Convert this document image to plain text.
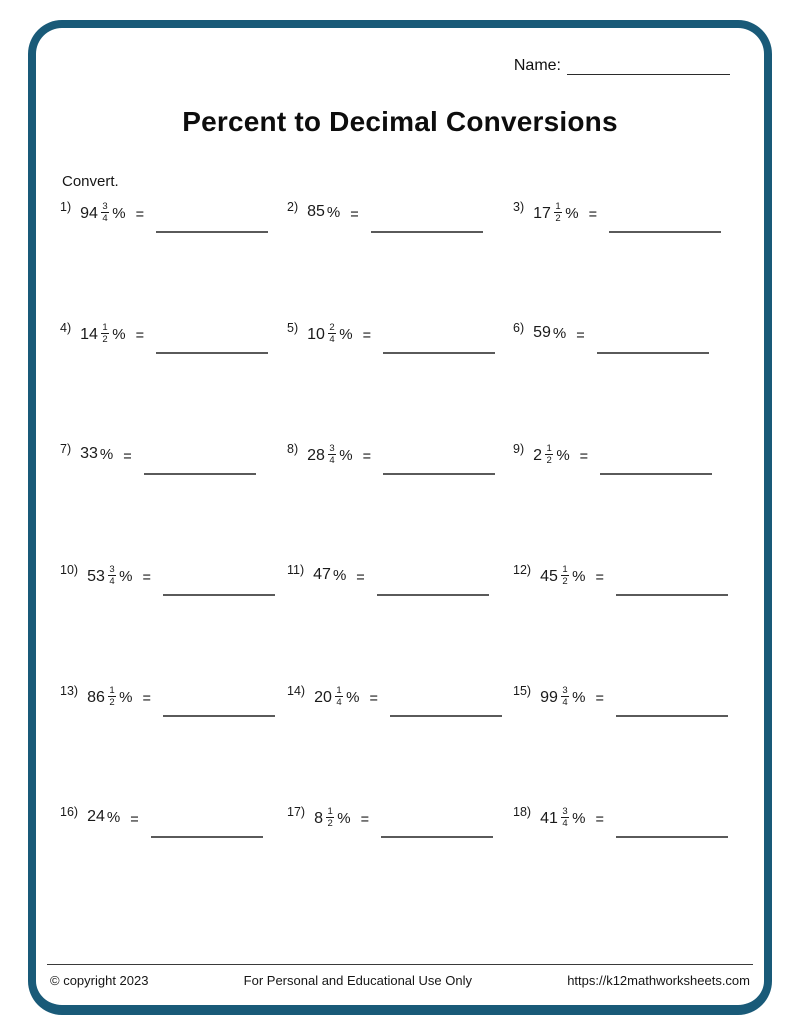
Name:
Percent to Decimal Conversions
Convert.
1) $94 \frac{3}{4}$ % =	2) 85 % =	3) $17 \frac{1}{2}$ % =
4) $14 \frac{1}{2}$ % =	5) $10 \frac{2}{4}$ % =	6) 59 % =
7) 33 % =	8) $28 \frac{3}{4}$ % =	9) $2 \frac{1}{2}$ % =
10) $53 \frac{3}{4}$ % =	11) 47 % =	12) $45 \frac{1}{2}$ % =
13) $86 \frac{1}{2}$ % =	14) $20 \frac{1}{4}$ % =	15) $99 \frac{3}{4}$ % =
16) 24 % =	17) $8 \frac{1}{2}$ % =	18) $41 \frac{3}{4}$ % =
© copyright 2023	For Personal and Educational Use Only	https://k12mathworksheets.com
